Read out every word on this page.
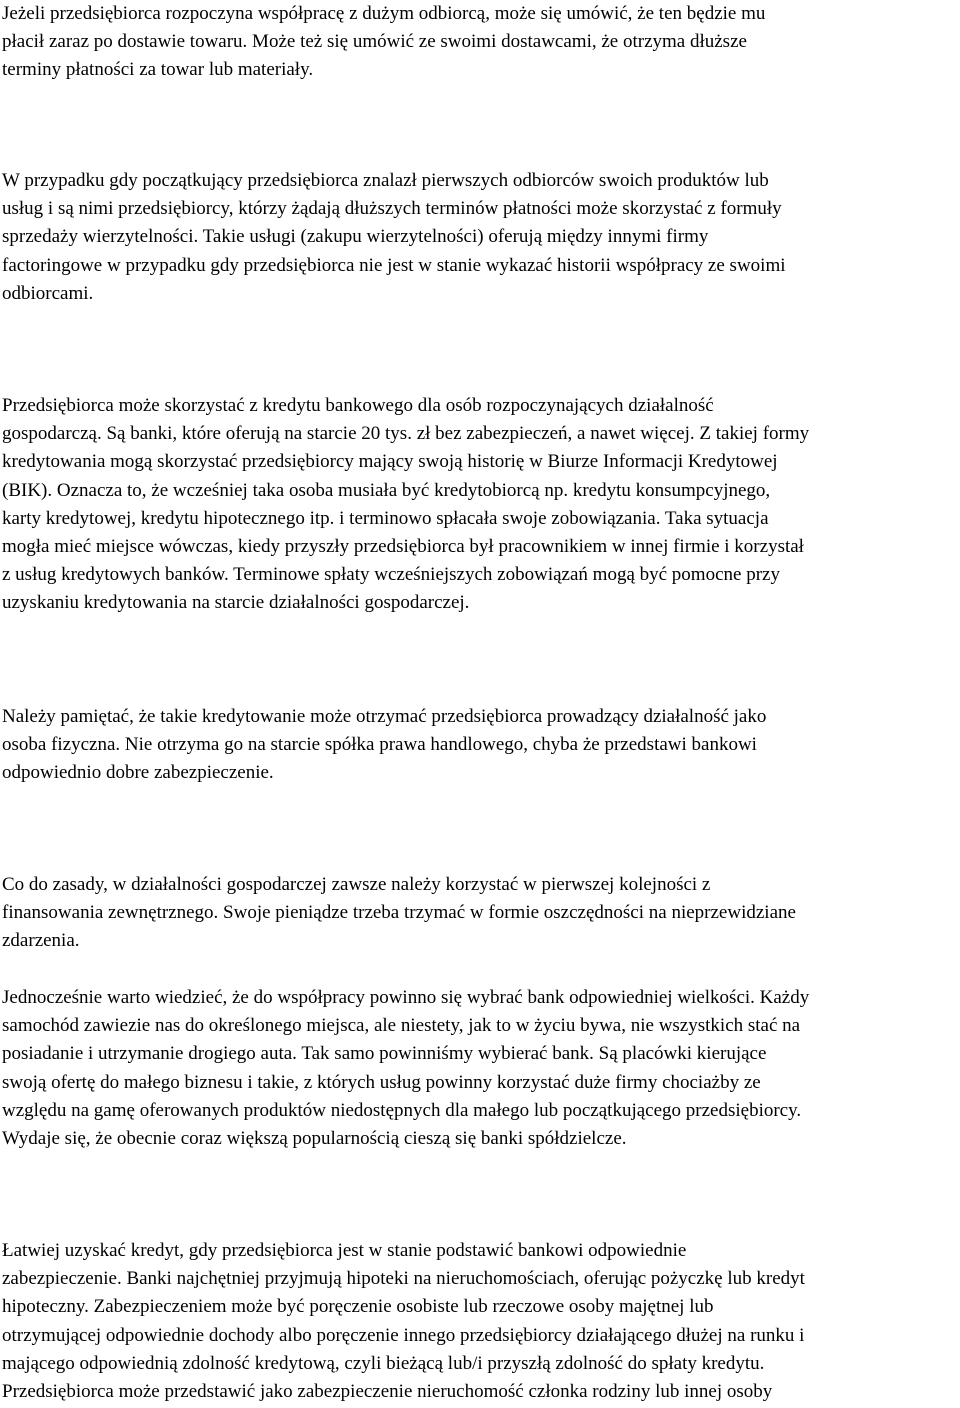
Jeżeli przedsiębiorca rozpoczyna współpracę z dużym odbiorcą, może się umówić, że ten będzie mu
płacił zaraz po dostawie towaru. Może też się umówić ze swoimi dostawcami, że otrzyma dłuższe
terminy płatności za towar lub materiały.

W przypadku gdy początkujący przedsiębiorca znalazł pierwszych odbiorców swoich produktów lub
usług i są nimi przedsiębiorcy, którzy żądają dłuższych terminów płatności może skorzystać z formuły
sprzedaży wierzytelności. Takie usługi (zakupu wierzytelności) oferują między innymi firmy
factoringowe w przypadku gdy przedsiębiorca nie jest w stanie wykazać historii współpracy ze swoimi
odbiorcami.

Przedsiębiorca może skorzystać z kredytu bankowego dla osób rozpoczynających działalność
gospodarczą. Są banki, które oferują na starcie 20 tys. zł bez zabezpieczeń, a nawet więcej. Z takiej formy
kredytowania mogą skorzystać przedsiębiorcy mający swoją historię w Biurze Informacji Kredytowej
(BIK). Oznacza to, że wcześniej taka osoba musiała być kredytobiorcą np. kredytu konsumpcyjnego,
karty kredytowej, kredytu hipotecznego itp. i terminowo spłacała swoje zobowiązania. Taka sytuacja
mogła mieć miejsce wówczas, kiedy przyszły przedsiębiorca był pracownikiem w innej firmie i korzystał
z usług kredytowych banków. Terminowe spłaty wcześniejszych zobowiązań mogą być pomocne przy
uzyskaniu kredytowania na starcie działalności gospodarczej.

Należy pamiętać, że takie kredytowanie może otrzymać przedsiębiorca prowadzący działalność jako
osoba fizyczna. Nie otrzyma go na starcie spółka prawa handlowego, chyba że przedstawi bankowi
odpowiednio dobre zabezpieczenie.

Co do zasady, w działalności gospodarczej zawsze należy korzystać w pierwszej kolejności z
finansowania zewnętrznego. Swoje pieniądze trzeba trzymać w formie oszczędności na nieprzewidziane
zdarzenia.

Jednocześnie warto wiedzieć, że do współpracy powinno się wybrać bank odpowiedniej wielkości. Każdy
samochód zawiezie nas do określonego miejsca, ale niestety, jak to w życiu bywa, nie wszystkich stać na
posiadanie i utrzymanie drogiego auta. Tak samo powinniśmy wybierać bank. Są placówki kierujące
swoją ofertę do małego biznesu i takie, z których usług powinny korzystać duże firmy chociażby ze
względu na gamę oferowanych produktów niedostępnych dla małego lub początkującego przedsiębiorcy.
Wydaje się, że obecnie coraz większą popularnością cieszą się banki spółdzielcze.

Łatwiej uzyskać kredyt, gdy przedsiębiorca jest w stanie podstawić bankowi odpowiednie
zabezpieczenie. Banki najchętniej przyjmują hipoteki na nieruchomościach, oferując pożyczkę lub kredyt
hipoteczny. Zabezpieczeniem może być poręczenie osobiste lub rzeczowe osoby majętnej lub
otrzymującej odpowiednie dochody albo poręczenie innego przedsiębiorcy działającego dłużej na runku i
mającego odpowiednią zdolność kredytową, czyli bieżącą lub/i przyszłą zdolność do spłaty kredytu.
Przedsiębiorca może przedstawić jako zabezpieczenie nieruchomość członka rodziny lub innej osoby
